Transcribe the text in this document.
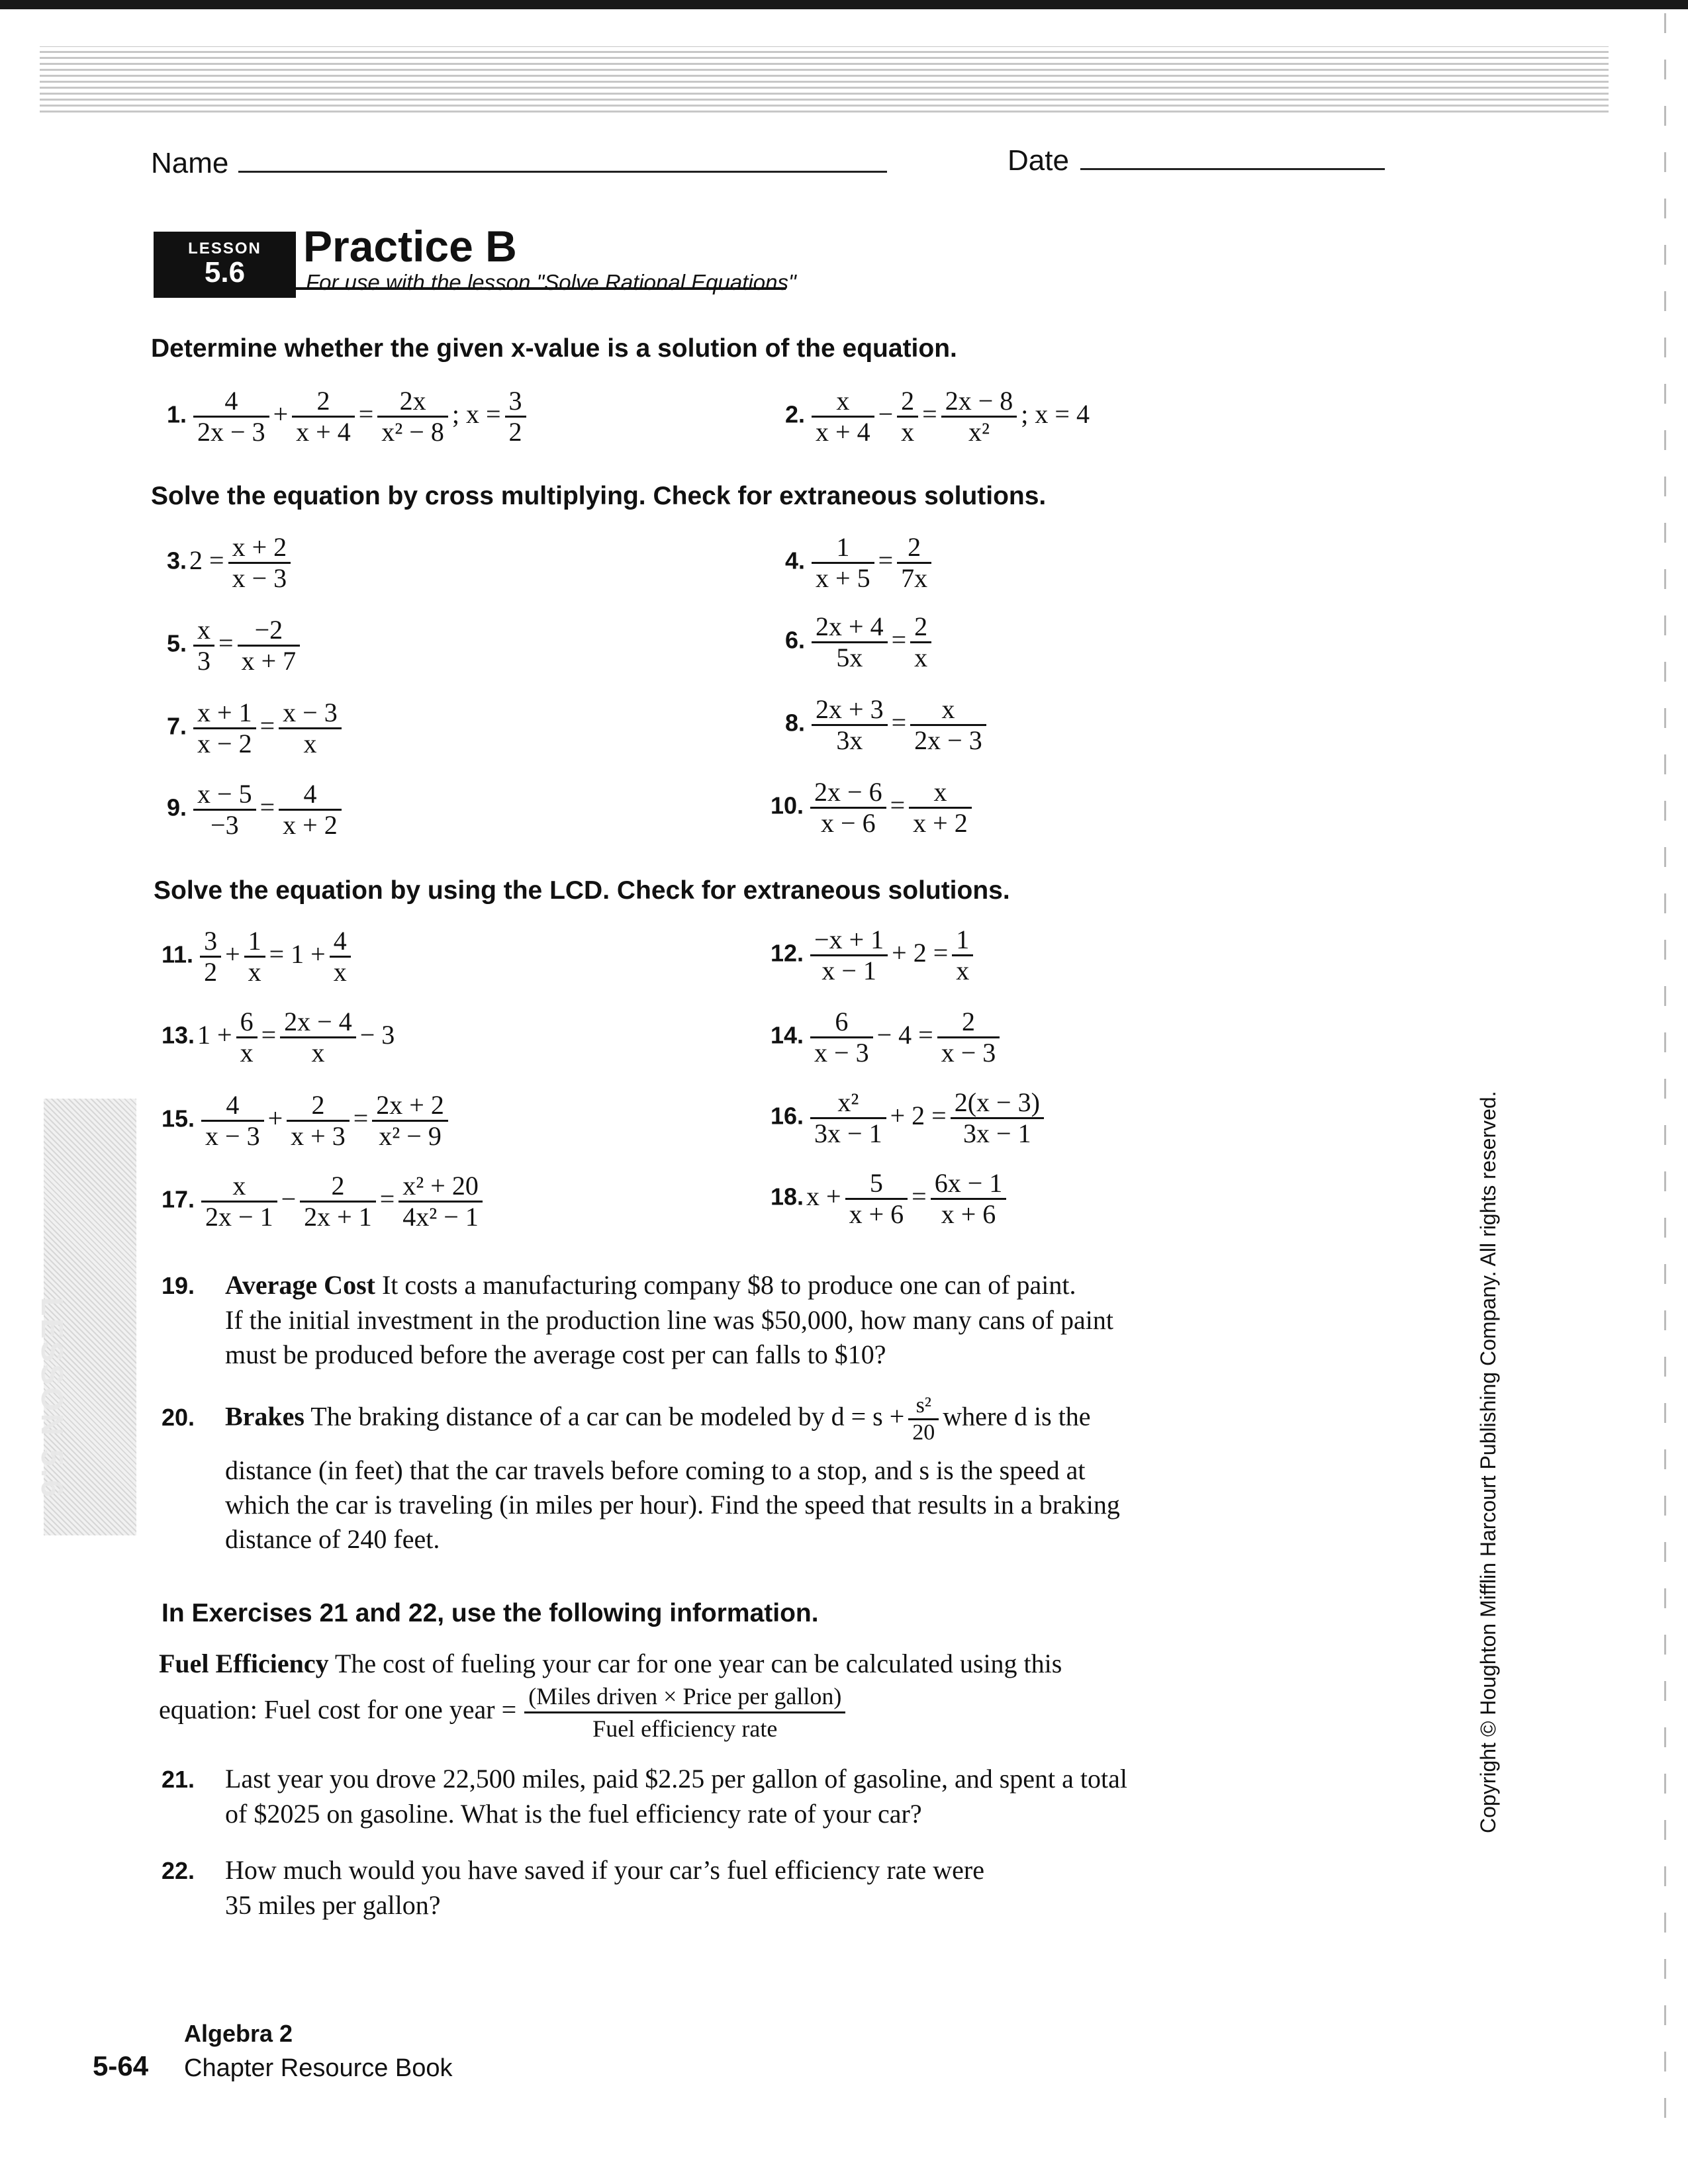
LESSON 5.6
Name	Date
LESSON
5.6
Practice B
For use with the lesson "Solve Rational Equations"
Determine whether the given x-value is a solution of the equation.
1. $\frac{4}{2x - 3} + \frac{2}{x + 4} = \frac{2x}{\text{x² − 8}}$ ; $x = \frac{3}{2}$	2. $\frac{x}{x + 4} - \frac{2}{x} = \frac{2x - 8}{\text{x²}}$ ; x = 4
Solve the equation by cross multiplying. Check for extraneous solutions.
3. $2 = \frac{x + 2}{x - 3}$	4. $\frac{1}{x + 5} = \frac{2}{7x}$
5. $\frac{x}{3} = \frac{-2}{x + 7}$	6. $\frac{2x + 4}{5x} = \frac{2}{x}$
7. $\frac{x + 1}{x - 2} = \frac{x - 3}{x}$	8. $\frac{2x + 3}{3x} = \frac{x}{2x - 3}$
9. $\frac{x - 5}{-3} = \frac{4}{x + 2}$	10. $\frac{2x - 6}{x - 6} = \frac{x}{x + 2}$
Solve the equation by using the LCD. Check for extraneous solutions.
11. $\frac{3}{2} + \frac{1}{x} = 1 + \frac{4}{x}$	12. $\frac{-x + 1}{x - 1} + 2 = \frac{1}{x}$
13. $1 + \frac{6}{x} = \frac{2x - 4}{x} - 3$	14. $\frac{6}{x - 3} - 4 = \frac{2}{x - 3}$
15. $\frac{4}{x - 3} + \frac{2}{x + 3} = \frac{2x + 2}{\text{x² − 9}}$	16. $\frac{\text{x²}}{3x - 1} + 2 = \frac{2(x - 3)}{3x - 1}$
17. $\frac{x}{2x - 1} - \frac{2}{2x + 1} = \frac{\text{x² + 20}}{\text{4x² − 1}}$	18. $x + \frac{5}{x + 6} = \frac{6x - 1}{x + 6}$
19. Average Cost It costs a manufacturing company $8 to produce one can of paint.
If the initial investment in the production line was $50,000, how many cans of paint
must be produced before the average cost per can falls to $10?
20. Brakes The braking distance of a car can be modeled by $d = s + \frac{\text{s²}}{20}$ where d is the
distance (in feet) that the car travels before coming to a stop, and s is the speed at
which the car is traveling (in miles per hour). Find the speed that results in a braking
distance of 240 feet.
In Exercises 21 and 22, use the following information.
Fuel Efficiency The cost of fueling your car for one year can be calculated using this
equation: Fuel cost for one year = $\frac{\text{(Miles driven × Price per gallon)}}{\text{Fuel efficiency rate}}$
21. Last year you drove 22,500 miles, paid $2.25 per gallon of gasoline, and spent a total
of $2025 on gasoline. What is the fuel efficiency rate of your car?
22. How much would you have saved if your car’s fuel efficiency rate were
35 miles per gallon?
Algebra 2
5-64 Chapter Resource Book
Copyright © Houghton Mifflin Harcourt Publishing Company. All rights reserved.
